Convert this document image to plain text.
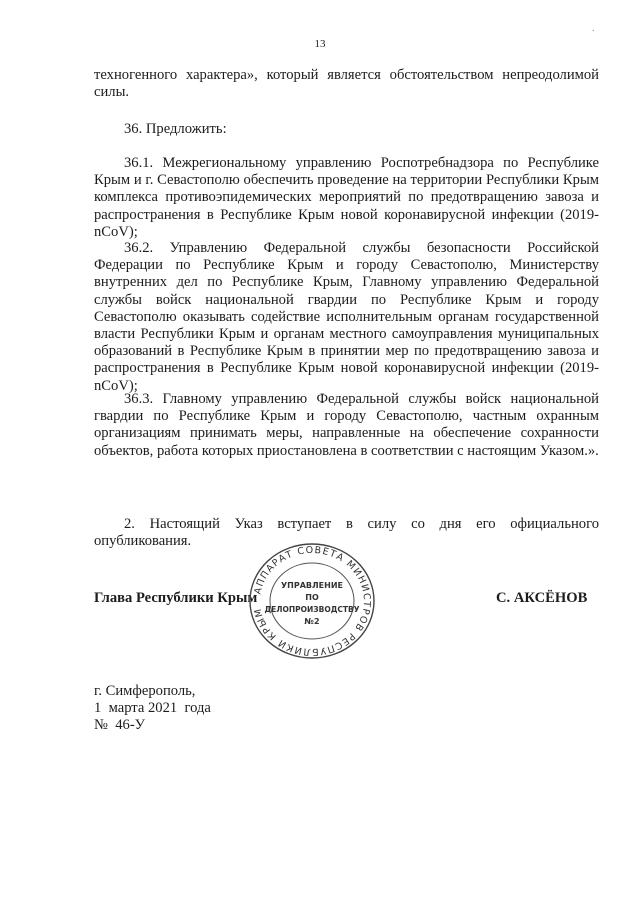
13
.

техногенного характера», который является обстоятельством непреодолимой силы.

36. Предложить:

36.1. Межрегиональному управлению Роспотребнадзора по Республике Крым и г. Севастополю обеспечить проведение на территории Республики Крым комплекса противоэпидемических мероприятий по предотвращению завоза и распространения в Республике Крым новой коронавирусной инфекции (2019-nCoV);

36.2. Управлению Федеральной службы безопасности Российской Федерации по Республике Крым и городу Севастополю, Министерству внутренних дел по Республике Крым, Главному управлению Федеральной службы войск национальной гвардии по Республике Крым и городу Севастополю оказывать содействие исполнительным органам государственной власти Республики Крым и органам местного самоуправления муниципальных образований в Республике Крым в принятии мер по предотвращению завоза и распространения в Республике Крым новой коронавирусной инфекции (2019-nCoV);

36.3. Главному управлению Федеральной службы войск национальной гвардии по Республике Крым и городу Севастополю, частным охранным организациям принимать меры, направленные на обеспечение сохранности объектов, работа которых приостановлена в соответствии с настоящим Указом.».

2. Настоящий Указ вступает в силу со дня его официального опубликования.

Глава Республики Крым
АППАРАТ СОВЕТА МИНИСТРОВ РЕСПУБЛИКИ КРЫМ
УПРАВЛЕНИЕ
ПО
ДЕЛОПРОИЗВОДСТВУ
№2
С. АКСЁНОВ

г. Симферополь,

1  марта 2021  года

№  46-У
